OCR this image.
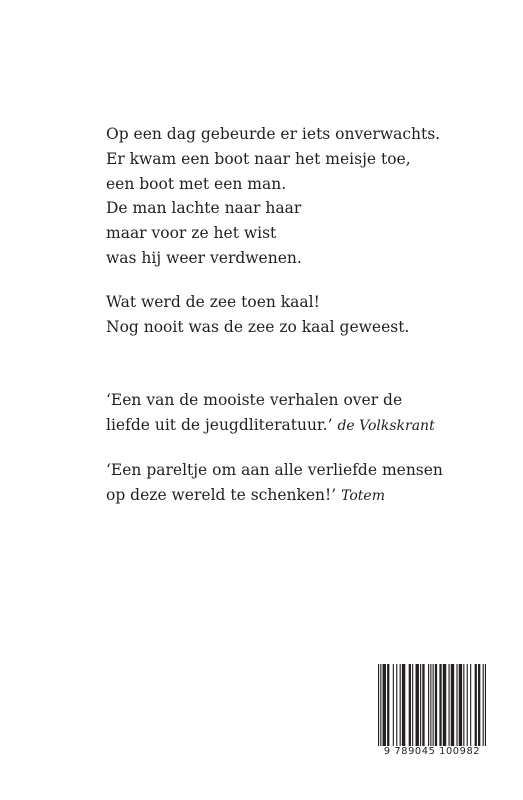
Op een dag gebeurde er iets onverwachts.
Er kwam een boot naar het meisje toe,
een boot met een man.
De man lachte naar haar
maar voor ze het wist
was hij weer verdwenen.
Wat werd de zee toen kaal!
Nog nooit was de zee zo kaal geweest.
‘Een van de mooiste verhalen over de
liefde uit de jeugdliteratuur.’ de Volkskrant
‘Een pareltje om aan alle verliefde mensen
op deze wereld te schenken!’ Totem
9 789045 100982
